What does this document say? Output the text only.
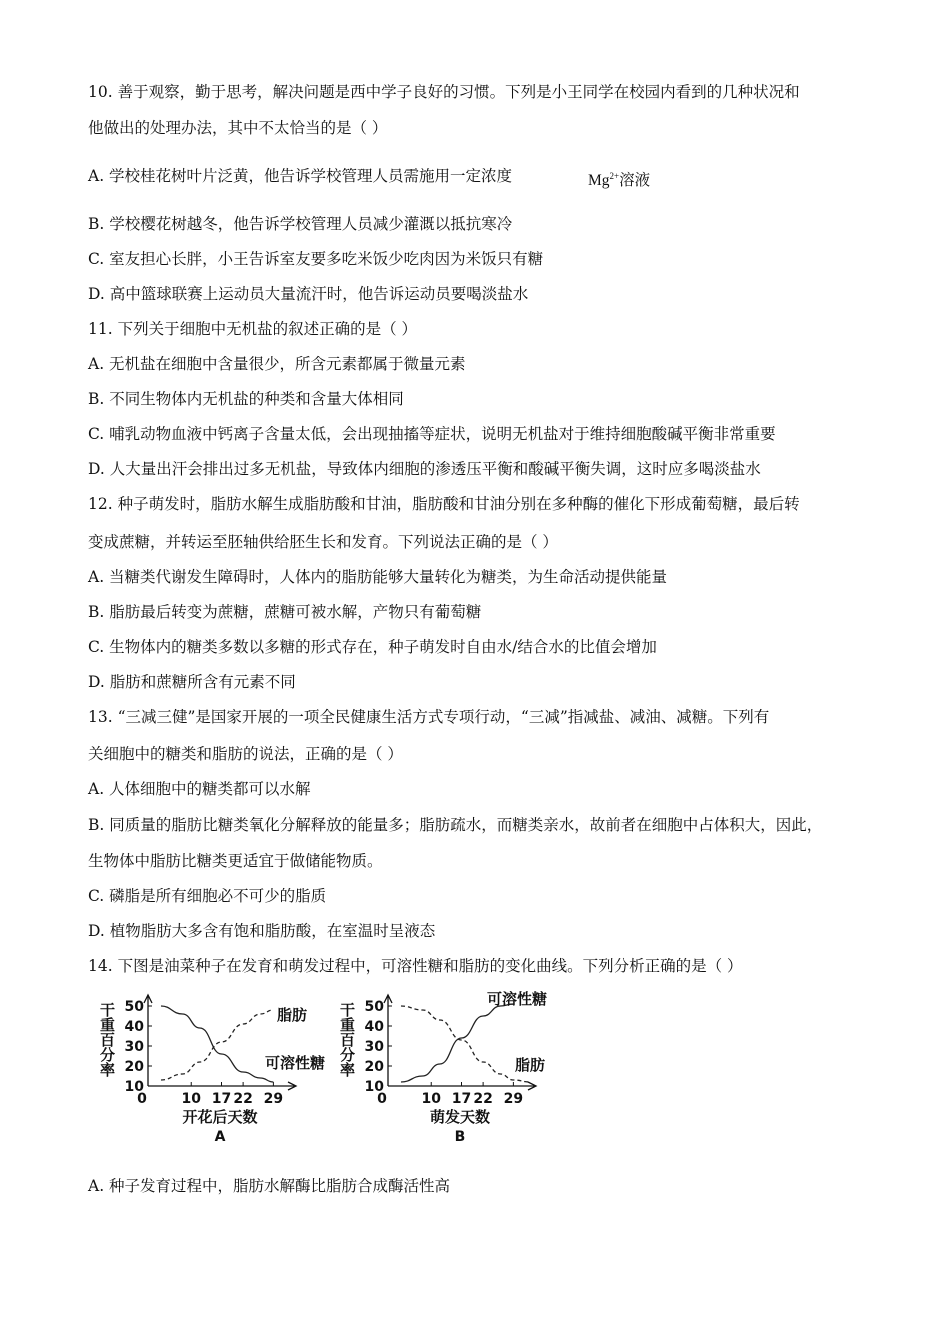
10. 善于观察，勤于思考，解决问题是西中学子良好的习惯。下列是小王同学在校园内看到的几种状况和
他做出的处理办法，其中不太恰当的是（ ）
A. 学校桂花树叶片泛黄，他告诉学校管理人员需施用一定浓度	$Mg^{2+}$溶液
B. 学校樱花树越冬，他告诉学校管理人员减少灌溉以抵抗寒冷
C. 室友担心长胖，小王告诉室友要多吃米饭少吃肉因为米饭只有糖
D. 高中篮球联赛上运动员大量流汗时，他告诉运动员要喝淡盐水
11. 下列关于细胞中无机盐的叙述正确的是（ ）
A. 无机盐在细胞中含量很少，所含元素都属于微量元素
B. 不同生物体内无机盐的种类和含量大体相同
C. 哺乳动物血液中钙离子含量太低，会出现抽搐等症状，说明无机盐对于维持细胞酸碱平衡非常重要
D. 人大量出汗会排出过多无机盐，导致体内细胞的渗透压平衡和酸碱平衡失调，这时应多喝淡盐水
12. 种子萌发时，脂肪水解生成脂肪酸和甘油，脂肪酸和甘油分别在多种酶的催化下形成葡萄糖，最后转
变成蔗糖，并转运至胚轴供给胚生长和发育。下列说法正确的是（ ）
A. 当糖类代谢发生障碍时，人体内的脂肪能够大量转化为糖类，为生命活动提供能量
B. 脂肪最后转变为蔗糖，蔗糖可被水解，产物只有葡萄糖
C. 生物体内的糖类多数以多糖的形式存在，种子萌发时自由水/结合水的比值会增加
D. 脂肪和蔗糖所含有元素不同
13. “三减三健”是国家开展的一项全民健康生活方式专项行动，“三减”指减盐、减油、减糖。下列有
关细胞中的糖类和脂肪的说法，正确的是（ ）
A. 人体细胞中的糖类都可以水解
B. 同质量的脂肪比糖类氧化分解释放的能量多；脂肪疏水，而糖类亲水，故前者在细胞中占体积大，因此，
生物体中脂肪比糖类更适宜于做储能物质。
C. 磷脂是所有细胞必不可少的脂质
D. 植物脂肪大多含有饱和脂肪酸，在室温时呈液态
14. 下图是油菜种子在发育和萌发过程中，可溶性糖和脂肪的变化曲线。下列分析正确的是（ ）
10
20
30
40
50
0 10 17 22 29
干重百分率
开花后天数
A
脂肪
可溶性糖
10
20
30
40
50
0 10 17 22 29
干重百分率
萌发天数
B
可溶性糖
脂肪
A. 种子发育过程中，脂肪水解酶比脂肪合成酶活性高
